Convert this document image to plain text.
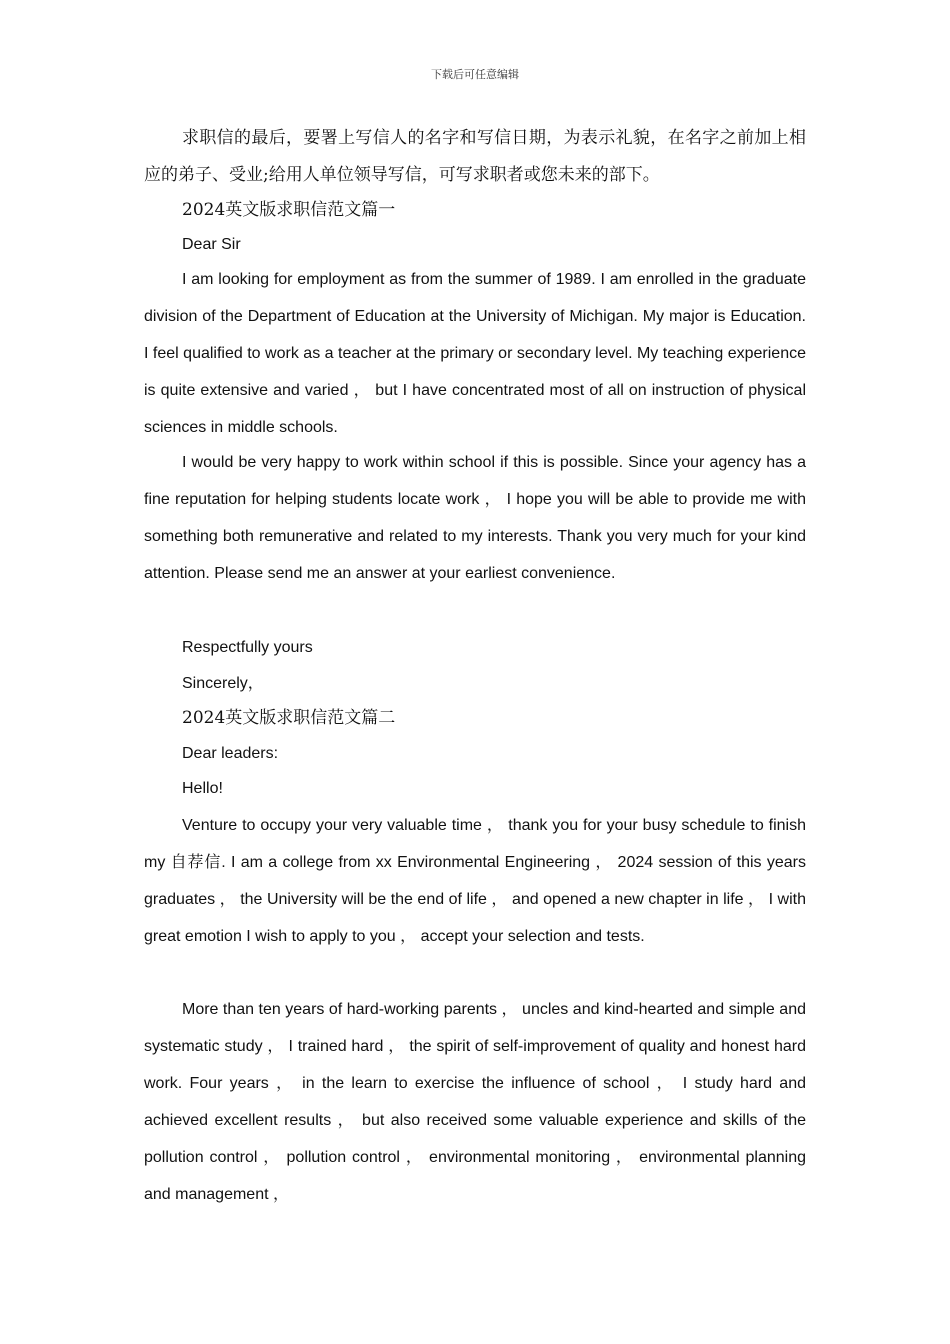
下载后可任意编辑

求职信的最后，要署上写信人的名字和写信日期，为表示礼貌，在名字之前加上相应的弟子、受业;给用人单位领导写信，可写求职者或您未来的部下。

2024英文版求职信范文篇一

Dear Sir

I am looking for employment as from the summer of 1989. I am enrolled in the graduate division of the Department of Education at the University of Michigan. My major is Education. I feel qualified to work as a teacher at the primary or secondary level. My teaching experience is quite extensive and varied ， but I have concentrated most of all on instruction of physical sciences in middle schools.

I would be very happy to work within school if this is possible. Since your agency has a fine reputation for helping students locate work ， I hope you will be able to provide me with something both remunerative and related to my interests. Thank you very much for your kind attention. Please send me an answer at your earliest convenience.

Respectfully yours

Sincerely，

2024英文版求职信范文篇二

Dear leaders:

Hello!

Venture to occupy your very valuable time ， thank you for your busy schedule to finish my 自荐信. I am a college from xx Environmental Engineering ， 2024 session of this years graduates ， the University will be the end of life ， and opened a new chapter in life ， I with great emotion I wish to apply to you ， accept your selection and tests.

More than ten years of hard-working parents ， uncles and kind-hearted and simple and systematic study ， I trained hard ， the spirit of self-improvement of quality and honest hard work. Four years ， in the learn to exercise the influence of school ， I study hard and achieved excellent results ， but also received some valuable experience and skills of the pollution control ， pollution control ， environmental monitoring ， environmental planning and management ，
